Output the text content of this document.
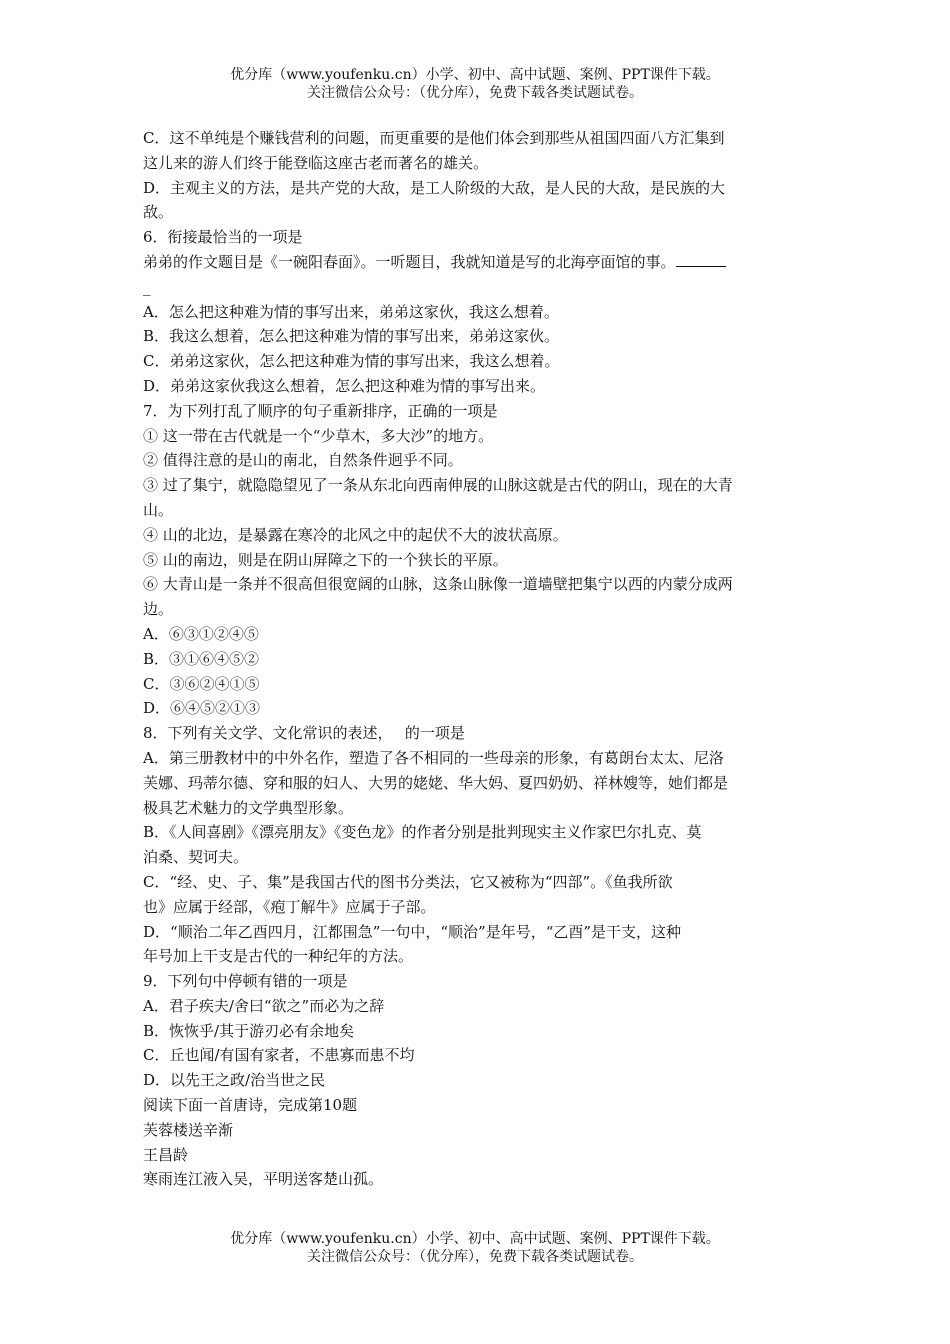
优分库（www.youfenku.cn）小学、初中、高中试题、案例、PPT课件下载。
关注微信公众号：（优分库），免费下载各类试题试卷。
C．这不单纯是个赚钱营利的问题，而更重要的是他们体会到那些从祖国四面八方汇集到
这儿来的游人们终于能登临这座古老而著名的雄关。
D．主观主义的方法，是共产党的大敌，是工人阶级的大敌，是人民的大敌，是民族的大
敌。
6．衔接最恰当的一项是
弟弟的作文题目是《一碗阳春面》。一听题目，我就知道是写的北海亭面馆的事。
_
A．怎么把这种难为情的事写出来，弟弟这家伙，我这么想着。
B．我这么想着，怎么把这种难为情的事写出来，弟弟这家伙。
C．弟弟这家伙，怎么把这种难为情的事写出来，我这么想着。
D．弟弟这家伙我这么想着，怎么把这种难为情的事写出来。
7．为下列打乱了顺序的句子重新排序，正确的一项是
① 这一带在古代就是一个“少草木，多大沙”的地方。
② 值得注意的是山的南北，自然条件迥乎不同。
③ 过了集宁，就隐隐望见了一条从东北向西南伸展的山脉这就是古代的阴山，现在的大青
山。
④ 山的北边，是暴露在寒冷的北风之中的起伏不大的波状高原。
⑤ 山的南边，则是在阴山屏障之下的一个狭长的平原。
⑥ 大青山是一条并不很高但很宽阔的山脉，这条山脉像一道墙壁把集宁以西的内蒙分成两
边。
A．⑥③①②④⑤
B．③①⑥④⑤②
C．③⑥②④①⑤
D．⑥④⑤②①③
8．下列有关文学、文化常识的表述，　 的一项是
A．第三册教材中的中外名作，塑造了各不相同的一些母亲的形象，有葛朗台太太、尼洛
芙娜、玛蒂尔德、穿和服的妇人、大男的姥姥、华大妈、夏四奶奶、祥林嫂等，她们都是
极具艺术魅力的文学典型形象。
B．《人间喜剧》《漂亮朋友》《变色龙》的作者分别是批判现实主义作家巴尔扎克、莫
泊桑、契诃夫。
C．“经、史、子、集”是我国古代的图书分类法，它又被称为“四部”。《鱼我所欲
也》应属于经部，《疱丁解牛》应属于子部。
D．“顺治二年乙酉四月，江都围急”一句中，“顺治”是年号，“乙酉”是干支，这种
年号加上干支是古代的一种纪年的方法。
9．下列句中停顿有错的一项是
A．君子疾夫/舍曰“欲之”而必为之辞
B．恢恢乎/其于游刃必有余地矣
C．丘也闻/有国有家者，不患寡而患不均
D．以先王之政/治当世之民
阅读下面一首唐诗，完成第10题
芙蓉楼送辛渐
王昌龄
寒雨连江液入吴，平明送客楚山孤。
优分库（www.youfenku.cn）小学、初中、高中试题、案例、PPT课件下载。
关注微信公众号：（优分库），免费下载各类试题试卷。
